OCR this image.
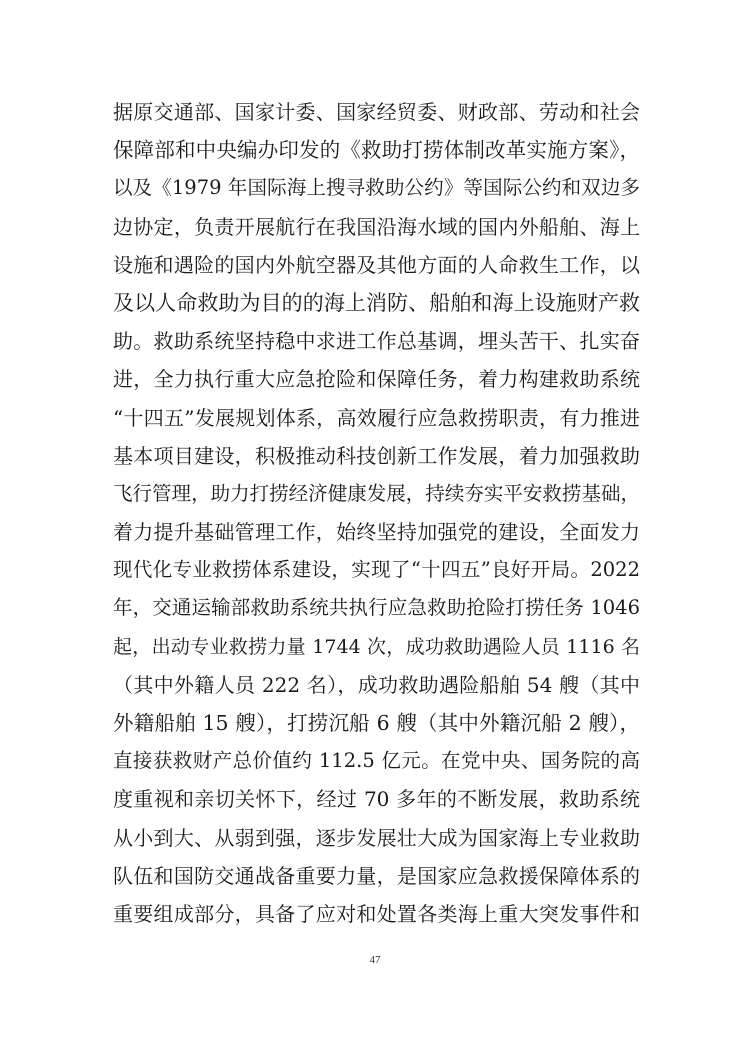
据原交通部、国家计委、国家经贸委、财政部、劳动和社会
保障部和中央编办印发的《救助打捞体制改革实施方案》，
以及《1979 年国际海上搜寻救助公约》等国际公约和双边多
边协定，负责开展航行在我国沿海水域的国内外船舶、海上
设施和遇险的国内外航空器及其他方面的人命救生工作，以
及以人命救助为目的的海上消防、船舶和海上设施财产救
助。救助系统坚持稳中求进工作总基调，埋头苦干、扎实奋
进，全力执行重大应急抢险和保障任务，着力构建救助系统
“十四五”发展规划体系，高效履行应急救捞职责，有力推进
基本项目建设，积极推动科技创新工作发展，着力加强救助
飞行管理，助力打捞经济健康发展，持续夯实平安救捞基础，
着力提升基础管理工作，始终坚持加强党的建设，全面发力
现代化专业救捞体系建设，实现了“十四五”良好开局。2022
年，交通运输部救助系统共执行应急救助抢险打捞任务 1046
起，出动专业救捞力量 1744 次，成功救助遇险人员 1116 名
（其中外籍人员 222 名），成功救助遇险船舶 54 艘（其中
外籍船舶 15 艘），打捞沉船 6 艘（其中外籍沉船 2 艘），
直接获救财产总价值约 112.5 亿元。在党中央、国务院的高
度重视和亲切关怀下，经过 70 多年的不断发展，救助系统
从小到大、从弱到强，逐步发展壮大成为国家海上专业救助
队伍和国防交通战备重要力量，是国家应急救援保障体系的
重要组成部分，具备了应对和处置各类海上重大突发事件和
47
